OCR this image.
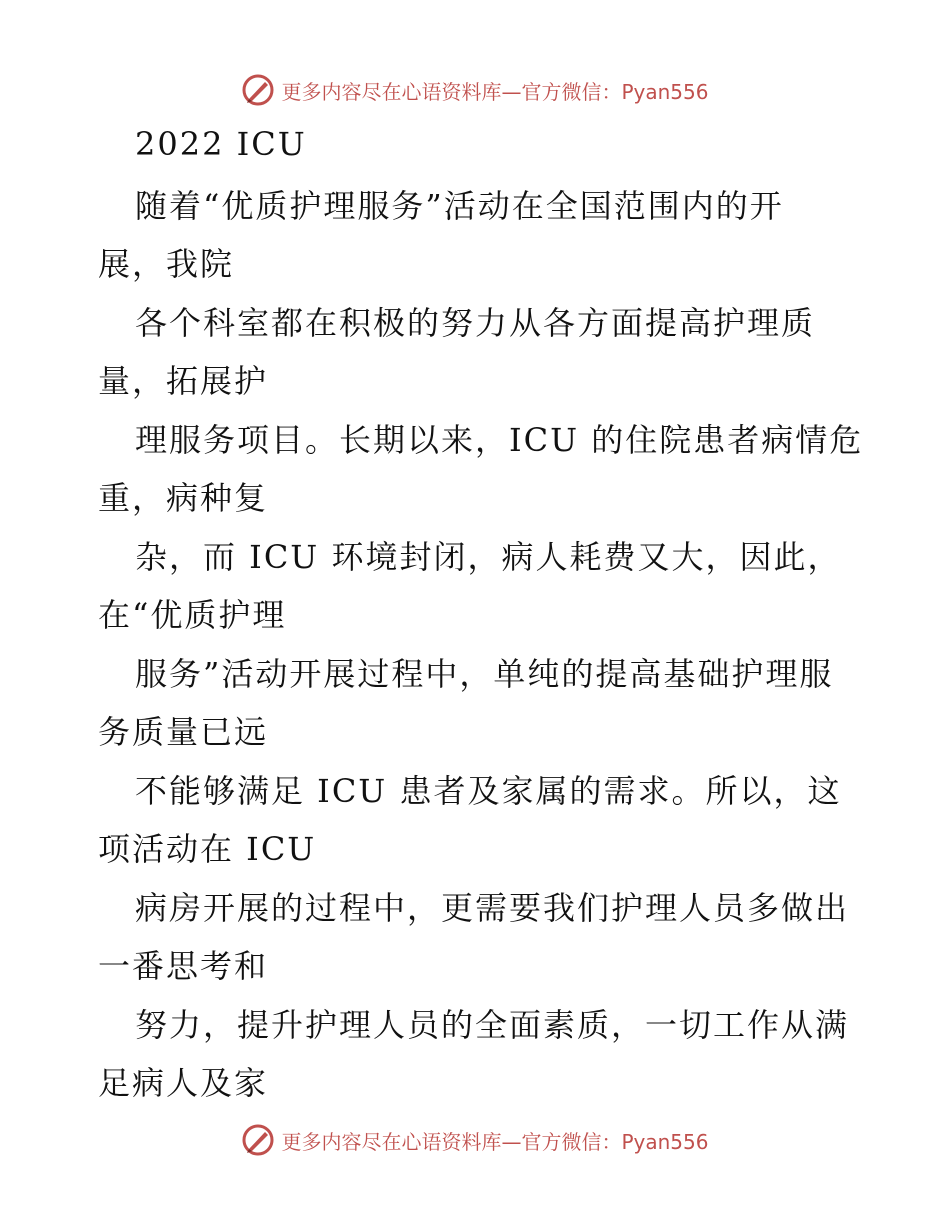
更多内容尽在心语资料库—官方微信：Pyan556
2022 ICU
随着“优质护理服务”活动在全国范围内的开
展，我院
各个科室都在积极的努力从各方面提高护理质
量，拓展护
理服务项目。长期以来，ICU 的住院患者病情危
重，病种复
杂，而 ICU 环境封闭，病人耗费又大，因此，
在“优质护理
服务”活动开展过程中，单纯的提高基础护理服
务质量已远
不能够满足 ICU 患者及家属的需求。所以，这
项活动在 ICU
病房开展的过程中，更需要我们护理人员多做出
一番思考和
努力，提升护理人员的全面素质，一切工作从满
足病人及家
更多内容尽在心语资料库—官方微信：Pyan556
